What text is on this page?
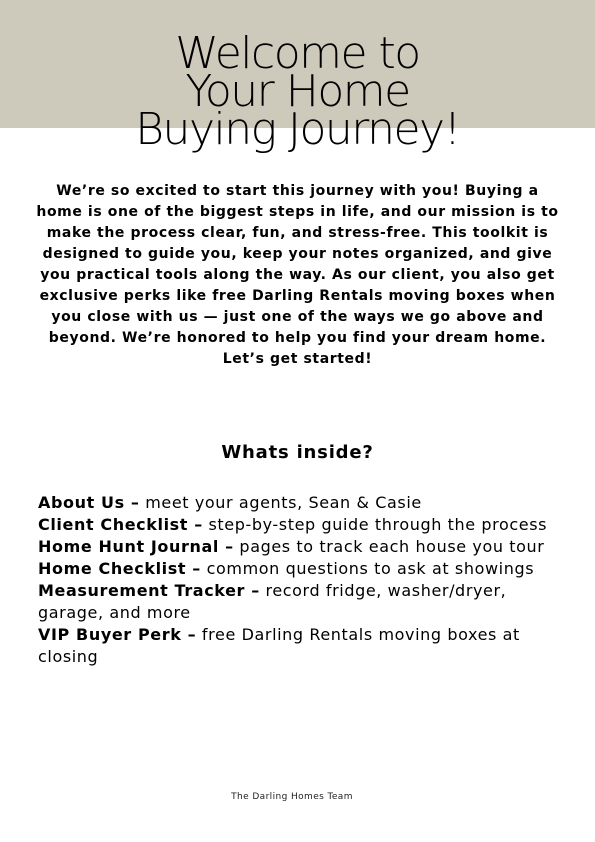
Welcome to
Your Home
Buying Journey!

We’re so excited to start this journey with you! Buying a home is one of the biggest steps in life, and our mission is to make the process clear, fun, and stress-free. This toolkit is designed to guide you, keep your notes organized, and give you practical tools along the way. As our client, you also get exclusive perks like free Darling Rentals moving boxes when you close with us — just one of the ways we go above and beyond. We’re honored to help you find your dream home. Let’s get started!

Whats inside?
About Us – meet your agents, Sean & Casie
Client Checklist – step-by-step guide through the process
Home Hunt Journal – pages to track each house you tour
Home Checklist – common questions to ask at showings
Measurement Tracker – record fridge, washer/dryer, garage, and more
VIP Buyer Perk – free Darling Rentals moving boxes at closing
The Darling Homes Team
